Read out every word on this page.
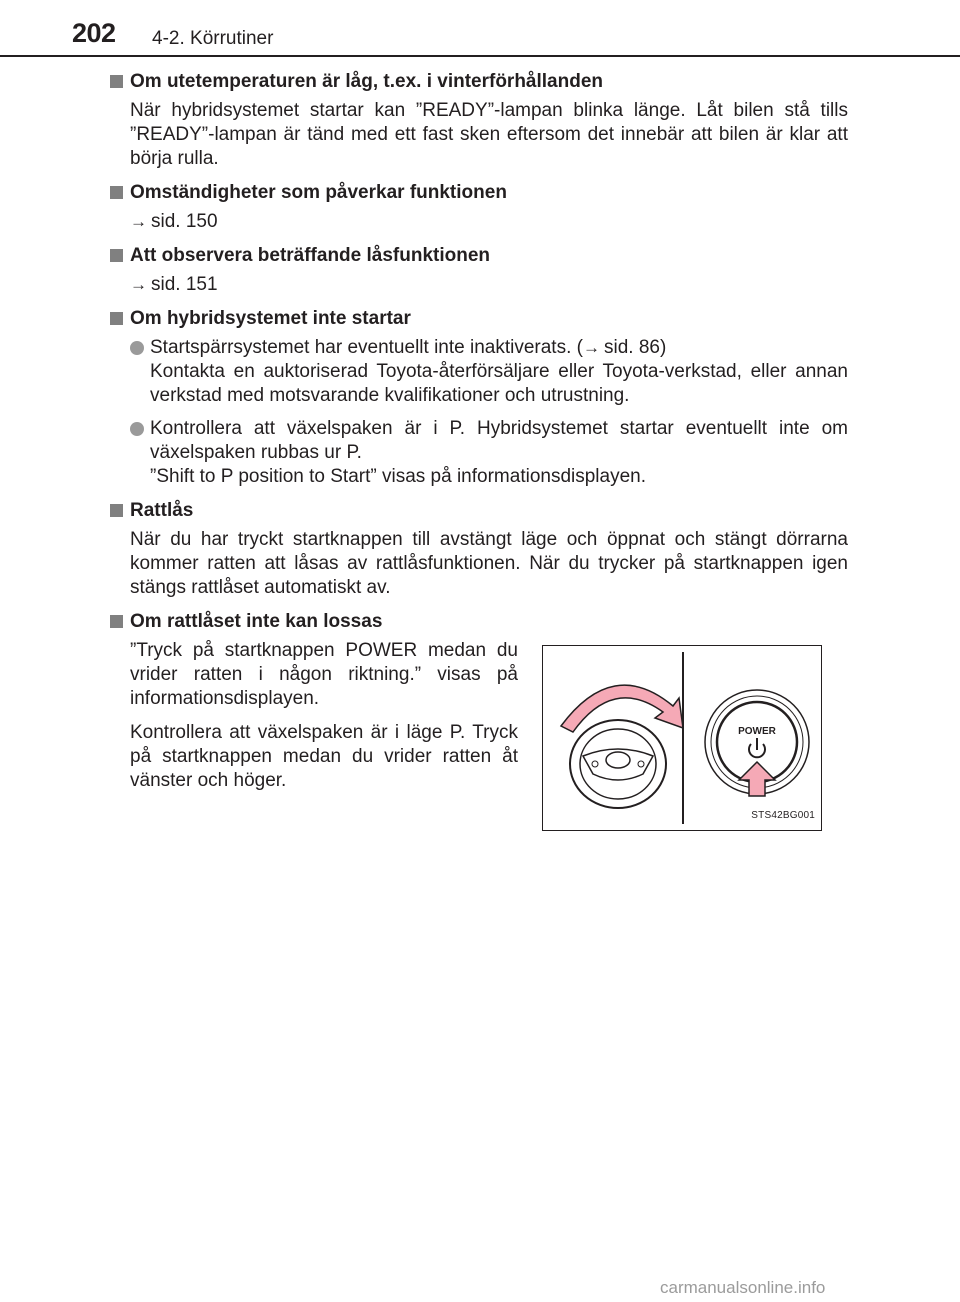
202 4-2. Körrutiner
Om utetemperaturen är låg, t.ex. i vinterförhållanden
När hybridsystemet startar kan ”READY”-lampan blinka länge. Låt bilen stå tills ”READY”-lampan är tänd med ett fast sken eftersom det innebär att bilen är klar att börja rulla.
Omständigheter som påverkar funktionen
→ sid. 150
Att observera beträffande låsfunktionen
→ sid. 151
Om hybridsystemet inte startar
Startspärrsystemet har eventuellt inte inaktiverats. (→ sid. 86)
Kontakta en auktoriserad Toyota-återförsäljare eller Toyota-verkstad, eller annan verkstad med motsvarande kvalifikationer och utrustning.
Kontrollera att växelspaken är i P. Hybridsystemet startar eventuellt inte om växelspaken rubbas ur P.
”Shift to P position to Start” visas på informationsdisplayen.
Rattlås
När du har tryckt startknappen till avstängt läge och öppnat och stängt dörrarna kommer ratten att låsas av rattlåsfunktionen. När du trycker på startknappen igen stängs rattlåset automatiskt av.
Om rattlåset inte kan lossas
”Tryck på startknappen POWER medan du vrider ratten i någon riktning.” visas på informationsdisplayen.
Kontrollera att växelspaken är i läge P. Tryck på startknappen medan du vrider ratten åt vänster och höger.
POWER
STS42BG001
carmanualsonline.info
